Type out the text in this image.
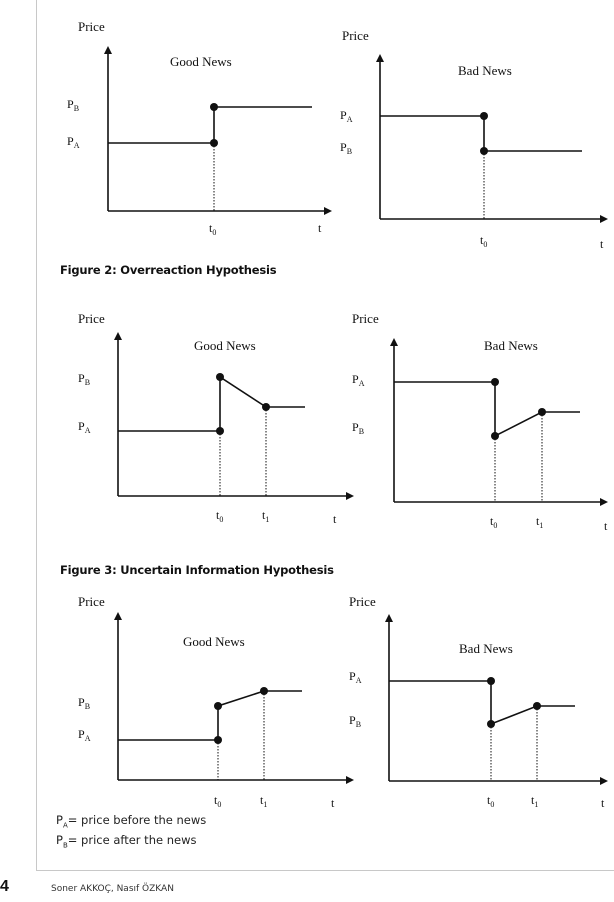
Figure 2: Overreaction Hypothesis
Figure 3: Uncertain Information Hypothesis
Price
Good News
$P_B$
$P_A$
$t_0$	t
Price
Bad News
$P_A$
$P_B$
$t_0$	t
Price
Good News
$P_B$
$P_A$
$t_0$	$t_1$	t
Price
Bad News
$P_A$
$P_B$
$t_0$	$t_1$	t
Price
Good News
$P_B$
$P_A$
$t_0$	$t_1$	t
Price
Bad News
$P_A$
$P_B$
$t_0$	$t_1$	t
$P_A=$ price before the news
$P_B=$ price after the news
4	Soner AKKOÇ, Nasıf ÖZKAN
